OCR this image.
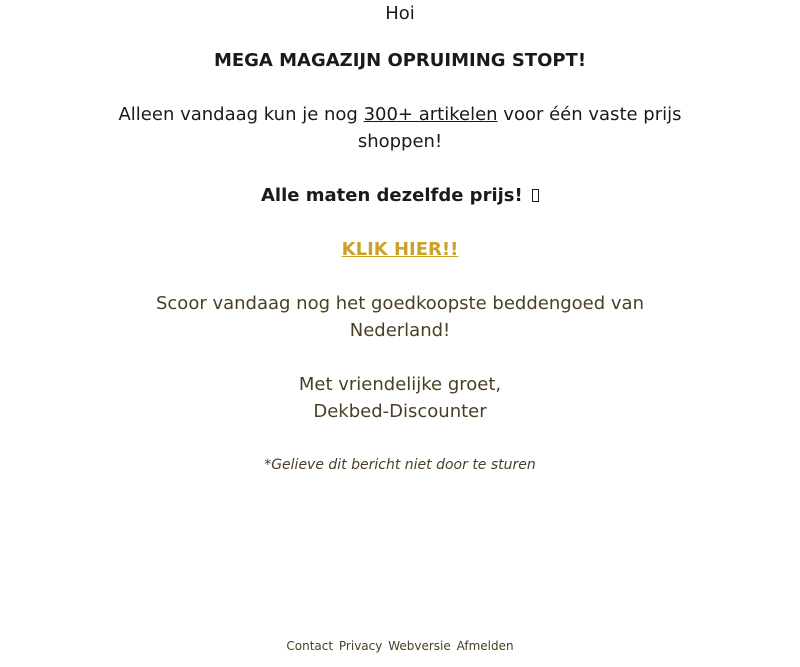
Hoi
MEGA MAGAZIJN OPRUIMING STOPT!
Alleen vandaag kun je nog 300+ artikelen voor één vaste prijs
shoppen!
Alle maten dezelfde prijs!
KLIK HIER!!
Scoor vandaag nog het goedkoopste beddengoed van
Nederland!
Met vriendelijke groet,
Dekbed-Discounter
*Gelieve dit bericht niet door te sturen
Contact Privacy Webversie Afmelden
